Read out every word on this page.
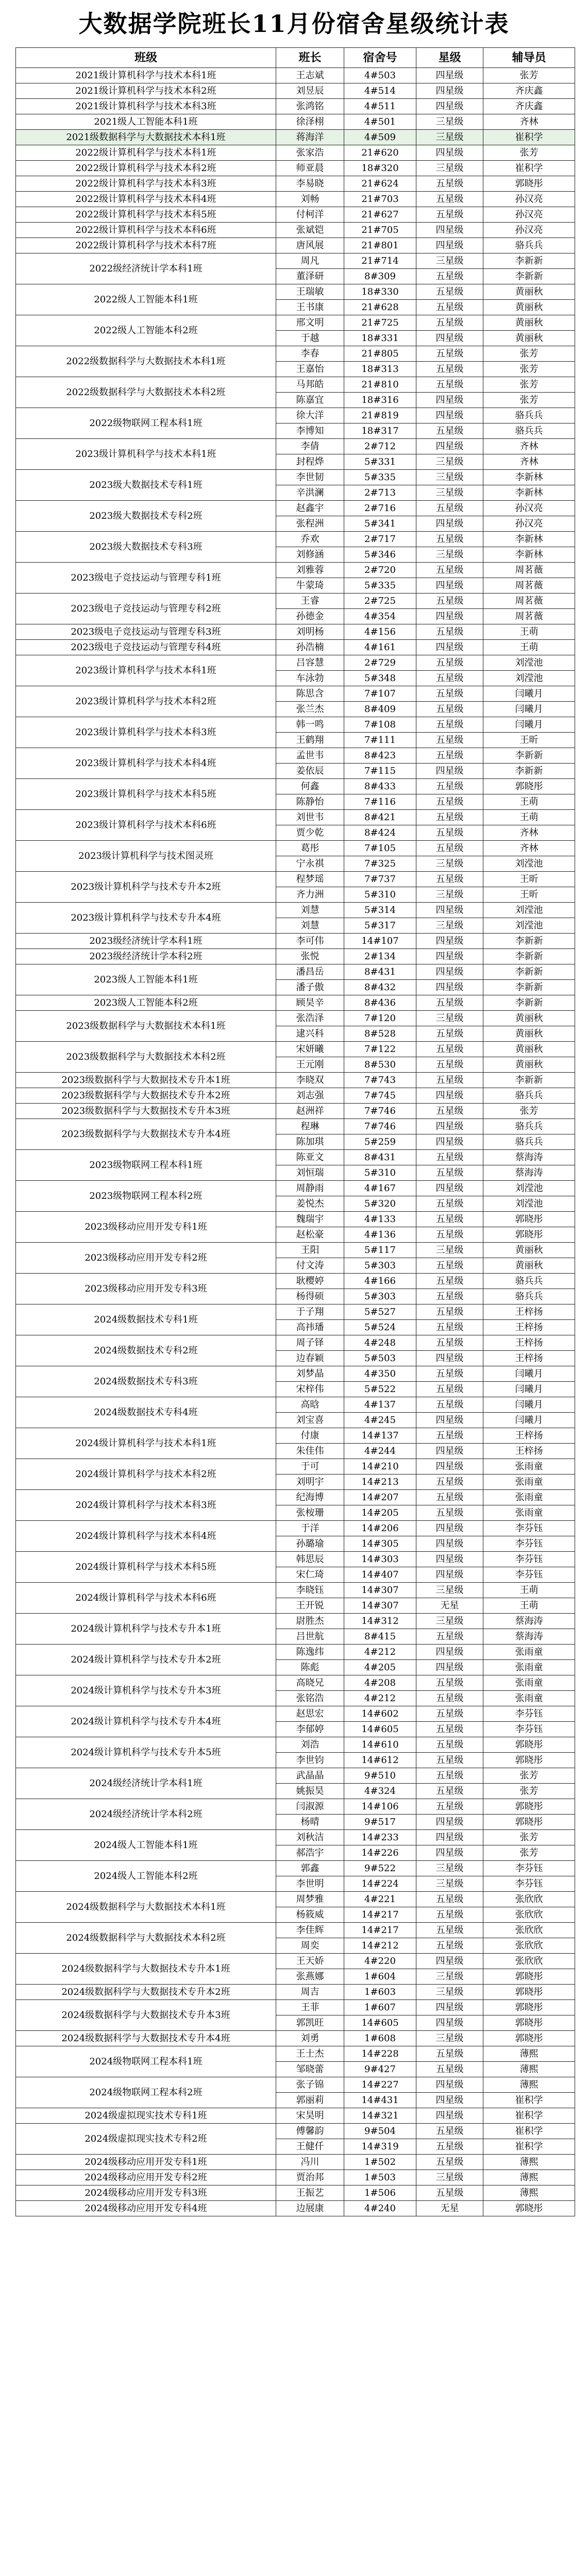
大数据学院班长11月份宿舍星级统计表
班级	班长	宿舍号	星级	辅导员
2021级计算机科学与技术本科1班	王志斌	4#503	四星级	张芳
2021级计算机科学与技术本科2班	刘昱辰	4#514	四星级	齐庆鑫
2021级计算机科学与技术本科3班	张鸿铭	4#511	四星级	齐庆鑫
2021级人工智能本科1班	徐泽栩	4#501	三星级	齐林
2021级数据科学与大数据技术本科1班	蒋海洋	4#509	三星级	崔积学
2022级计算机科学与技术本科1班	张家浩	21#620	四星级	张芳
2022级计算机科学与技术本科2班	师亚晨	18#320	三星级	崔积学
2022级计算机科学与技术本科3班	李易晓	21#624	五星级	郭晓彤
2022级计算机科学与技术本科4班	刘畅	21#703	五星级	孙汉亮
2022级计算机科学与技术本科5班	付柯洋	21#627	五星级	孙汉亮
2022级计算机科学与技术本科6班	张斌铠	21#705	四星级	孙汉亮
2022级计算机科学与技术本科7班	唐风展	21#801	四星级	骆兵兵
2022级经济统计学本科1班	周凡	21#714	三星级	李新新
	董泽研	8#309	五星级	李新新
2022级人工智能本科1班	王瑞敏	18#330	五星级	黄丽秋
	王书康	21#628	五星级	黄丽秋
2022级人工智能本科2班	邢文明	21#725	五星级	黄丽秋
	于越	18#331	四星级	黄丽秋
2022级数据科学与大数据技术本科1班	李春	21#805	五星级	张芳
	王嘉怡	18#313	五星级	张芳
2022级数据科学与大数据技术本科2班	马邦皓	21#810	五星级	张芳
	陈嘉宜	18#316	四星级	张芳
2022级物联网工程本科1班	徐大洋	21#819	四星级	骆兵兵
	李博知	18#317	五星级	骆兵兵
2023级计算机科学与技术本科1班	李倩	2#712	四星级	齐林
	封程烨	5#331	三星级	齐林
2023级大数据技术专科1班	李世韧	5#335	三星级	李新林
	辛洪澜	2#713	三星级	李新林
2023级大数据技术专科2班	赵鑫宇	2#716	五星级	孙汉亮
	张程洲	5#341	四星级	孙汉亮
2023级大数据技术专科3班	乔欢	2#717	五星级	李新林
	刘修涵	5#346	三星级	李新林
2023级电子竞技运动与管理专科1班	刘雅蓉	2#720	五星级	周茗薇
	牛蒙琦	5#335	四星级	周茗薇
2023级电子竞技运动与管理专科2班	王睿	2#725	五星级	周茗薇
	孙德金	4#354	四星级	周茗薇
2023级电子竞技运动与管理专科3班	刘明杨	4#156	五星级	王萌
2023级电子竞技运动与管理专科4班	孙浩楠	4#161	四星级	王萌
2023级计算机科学与技术本科1班	吕容慧	2#729	五星级	刘滢池
	车泳勃	5#348	五星级	刘滢池
2023级计算机科学与技术本科2班	陈思含	7#107	五星级	闫曦月
	张兰杰	8#409	五星级	闫曦月
2023级计算机科学与技术本科3班	韩一鸣	7#108	五星级	闫曦月
	王鹤翔	7#111	五星级	王昕
2023级计算机科学与技术本科4班	孟世韦	8#423	五星级	李新新
	姜依辰	7#115	四星级	李新新
2023级计算机科学与技术本科5班	何鑫	8#433	五星级	郭晓彤
	陈静怡	7#116	五星级	王萌
2023级计算机科学与技术本科6班	刘世韦	8#421	五星级	王萌
	贾少乾	8#424	五星级	齐林
2023级计算机科学与技术图灵班	葛彤	7#105	五星级	齐林
	宁永祺	7#325	三星级	刘滢池
2023级计算机科学与技术专升本2班	程梦瑶	7#737	五星级	王昕
	齐力洲	5#310	三星级	王昕
2023级计算机科学与技术专升本4班	刘慧	5#314	四星级	刘滢池
	刘慧	5#317	三星级	刘滢池
2023级经济统计学本科1班	李可伟	14#107	四星级	李新新
2023级经济统计学本科2班	张悦	2#134	四星级	李新新
2023级人工智能本科1班	潘昌岳	8#431	四星级	李新新
	潘子傲	8#432	四星级	李新新
2023级人工智能本科2班	顾昊辛	8#436	五星级	李新新
2023级数据科学与大数据技术本科1班	张浩泽	7#120	三星级	黄丽秋
	逮兴科	8#528	五星级	黄丽秋
2023级数据科学与大数据技术本科2班	宋妍曦	7#122	五星级	黄丽秋
	王元刚	8#530	五星级	黄丽秋
2023级数据科学与大数据技术专升本1班	李晓双	7#743	五星级	李新新
2023级数据科学与大数据技术专升本2班	刘志强	7#745	四星级	骆兵兵
2023级数据科学与大数据技术专升本3班	赵洲祥	7#746	五星级	张芳
2023级数据科学与大数据技术专升本4班	程琳	7#746	四星级	骆兵兵
	陈加琪	5#259	四星级	骆兵兵
2023级物联网工程本科1班	陈亚文	8#431	五星级	蔡海涛
	刘恒瑞	5#310	五星级	蔡海涛
2023级物联网工程本科2班	周静雨	4#167	四星级	刘滢池
	姜悦杰	5#320	五星级	刘滢池
2023级移动应用开发专科1班	魏瑞宇	4#133	五星级	郭晓彤
	赵松豪	4#136	五星级	郭晓彤
2023级移动应用开发专科2班	王阳	5#117	三星级	黄丽秋
	付文涛	5#303	五星级	黄丽秋
2023级移动应用开发专科3班	耿樱婷	4#166	五星级	骆兵兵
	杨得硕	5#303	五星级	骆兵兵
2024级数据技术专科1班	于子翔	5#527	五星级	王梓扬
	高祎璠	5#524	五星级	王梓扬
2024级数据技术专科2班	周子铎	4#248	五星级	王梓扬
	边春颖	5#503	四星级	王梓扬
2024级数据技术专科3班	刘梦晶	4#350	五星级	闫曦月
	宋梓伟	5#522	五星级	闫曦月
2024级数据技术专科4班	高晗	4#137	五星级	闫曦月
	刘宝喜	4#245	四星级	闫曦月
2024级计算机科学与技术本科1班	付康	14#137	五星级	王梓扬
	朱佳伟	4#244	四星级	王梓扬
2024级计算机科学与技术本科2班	于可	14#210	四星级	张雨童
	刘明宇	14#213	五星级	张雨童
2024级计算机科学与技术本科3班	纪海博	14#207	五星级	张雨童
	张桉珊	14#205	五星级	张雨童
2024级计算机科学与技术本科4班	于洋	14#206	四星级	李芬钰
	孙璐瑜	14#305	四星级	李芬钰
2024级计算机科学与技术本科5班	韩思辰	14#303	四星级	李芬钰
	宋仁琦	14#407	四星级	李芬钰
2024级计算机科学与技术本科6班	李晓钰	14#307	三星级	王萌
	王开锐	14#307	无星	王萌
2024级计算机科学与技术专升本1班	尉胜杰	14#312	三星级	蔡海涛
	吕世航	8#415	五星级	蔡海涛
2024级计算机科学与技术专升本2班	陈逸纬	4#212	四星级	张雨童
	陈彪	4#205	四星级	张雨童
2024级计算机科学与技术专升本3班	高晓兄	4#208	五星级	张雨童
	张铭浩	4#212	五星级	张雨童
2024级计算机科学与技术专升本4班	赵思宏	14#602	五星级	李芬钰
	李郁婷	14#605	五星级	李芬钰
2024级计算机科学与技术专升本5班	刘浩	14#610	五星级	郭晓彤
	李世钧	14#612	五星级	郭晓彤
2024级经济统计学本科1班	武晶晶	9#510	五星级	张芳
	姚振昊	4#324	五星级	张芳
2024级经济统计学本科2班	闫淑源	14#106	五星级	郭晓彤
	杨晴	9#517	四星级	郭晓彤
2024级人工智能本科1班	刘秋洁	14#233	四星级	张芳
	郝浩宇	14#226	四星级	张芳
2024级人工智能本科2班	郭鑫	9#522	三星级	李芬钰
	李世明	14#224	三星级	李芬钰
2024级数据科学与大数据技术本科1班	周梦雅	4#221	五星级	张欣欣
	杨筱威	14#217	五星级	张欣欣
2024级数据科学与大数据技术本科2班	李佳辉	14#217	五星级	张欣欣
	周奕	14#212	五星级	张欣欣
2024级数据科学与大数据技术专升本1班	王天娇	4#220	四星级	张欣欣
	张燕娜	1#604	三星级	郭晓彤
2024级数据科学与大数据技术专升本2班	周吉	1#603	三星级	郭晓彤
2024级数据科学与大数据技术专升本3班	王菲	1#607	四星级	郭晓彤
	郭凯旺	14#605	四星级	郭晓彤
2024级数据科学与大数据技术专升本4班	刘勇	1#608	三星级	郭晓彤
2024级物联网工程本科1班	王士杰	14#228	五星级	薄熙
	邹晓蕾	9#427	五星级	薄熙
2024级物联网工程本科2班	张子锦	14#227	四星级	薄熙
	郭丽莉	14#431	四星级	崔积学
2024级虚拟现实技术专科1班	宋昊明	14#321	四星级	崔积学
2024级虚拟现实技术专科2班	傅馨韵	9#504	五星级	崔积学
	王健仟	14#319	五星级	崔积学
2024级移动应用开发专科1班	冯川	1#502	五星级	薄熙
2024级移动应用开发专科2班	贾治邦	1#503	三星级	薄熙
2024级移动应用开发专科3班	王振艺	1#506	五星级	薄熙
2024级移动应用开发专科4班	边展康	4#240	无星	郭晓彤
